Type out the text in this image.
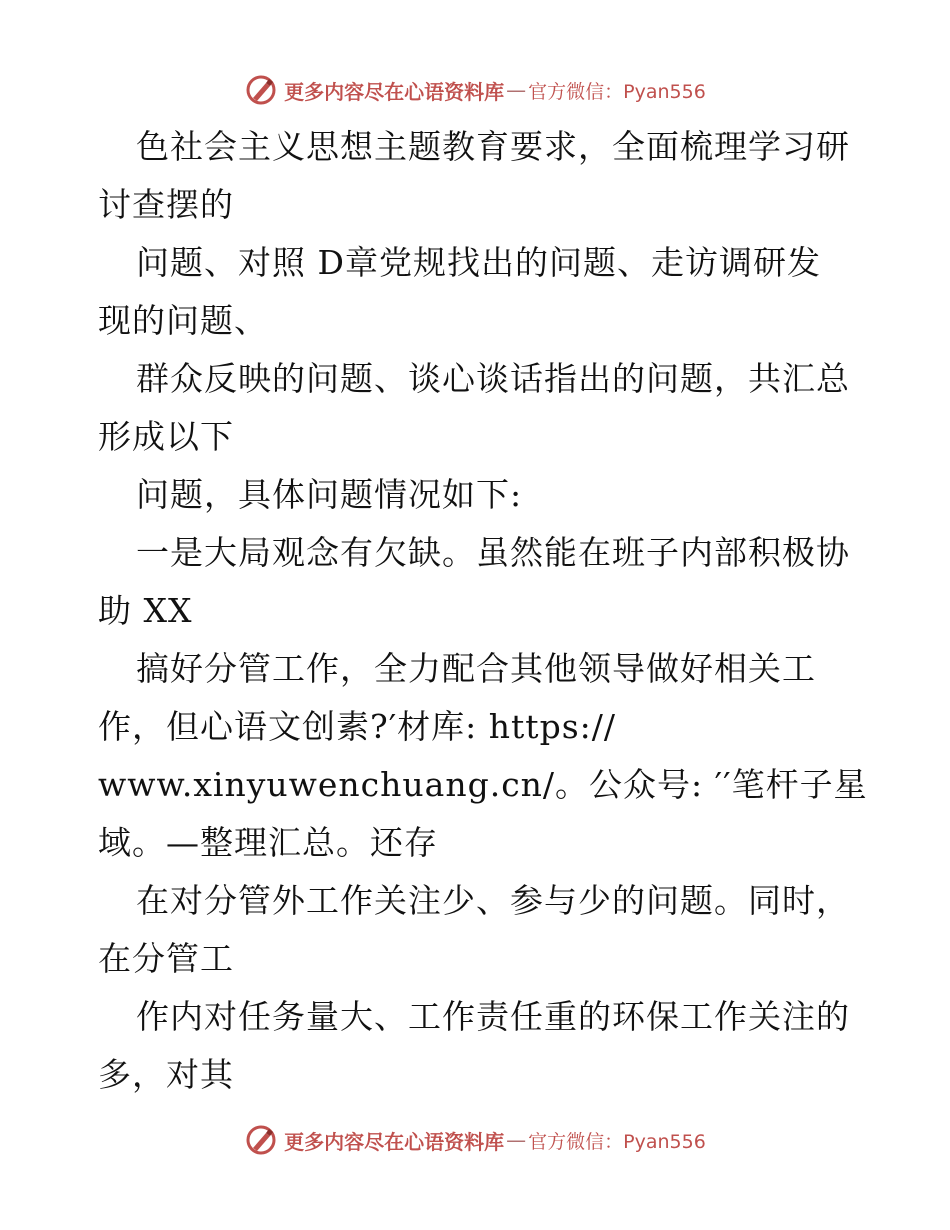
更多内容尽在心语资料库 — 官方微信：Pyan556
色社会主义思想主题教育要求，全面梳理学习研
讨查摆的
问题、对照 D章党规找出的问题、走访调研发
现的问题、
群众反映的问题、谈心谈话指出的问题，共汇总
形成以下
问题，具体问题情况如下:
一是大局观念有欠缺。虽然能在班子内部积极协
助 XX
搞好分管工作，全力配合其他领导做好相关工
作，但心语文创素?′材库: https://
www.xinyuwenchuang.cn/。公众号: ′′笔杆子星
域。—整理汇总。还存
在对分管外工作关注少、参与少的问题。同时，
在分管工
作内对任务量大、工作责任重的环保工作关注的
多，对其
更多内容尽在心语资料库 — 官方微信：Pyan556
